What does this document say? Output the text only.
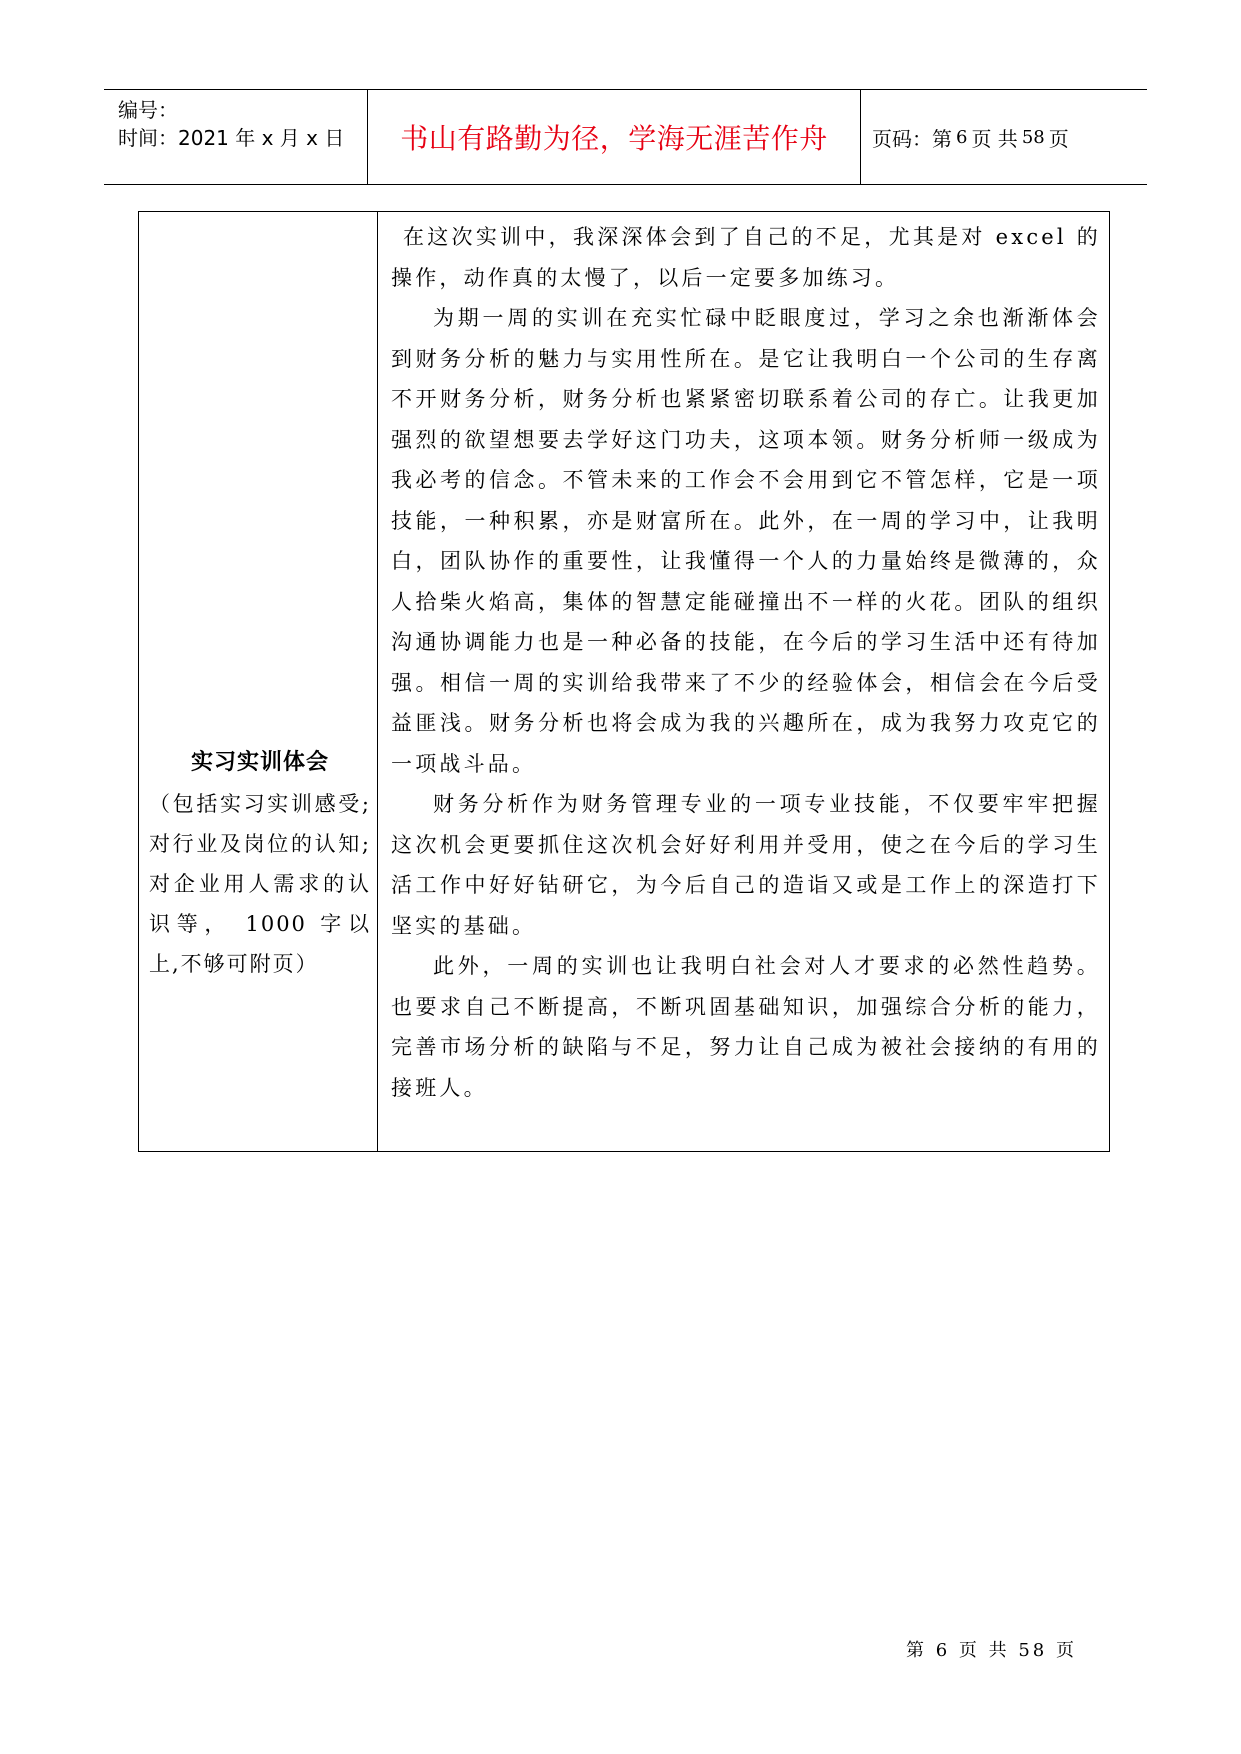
编号：
时间：2021 年 x 月 x 日	书山有路勤为径，学海无涯苦作舟	页码：第 6 页 共 58 页
实习实训体会
（包括实习实训感受; 对行业及岗位的认知; 对企业用人需求的认识等， 1000 字以上,不够可附页）

在这次实训中，我深深体会到了自己的不足，尤其是对 excel 的操作，动作真的太慢了，以后一定要多加练习。

为期一周的实训在充实忙碌中眨眼度过，学习之余也渐渐体会到财务分析的魅力与实用性所在。是它让我明白一个公司的生存离不开财务分析，财务分析也紧紧密切联系着公司的存亡。让我更加强烈的欲望想要去学好这门功夫，这项本领。财务分析师一级成为我必考的信念。不管未来的工作会不会用到它不管怎样，它是一项技能，一种积累，亦是财富所在。此外，在一周的学习中，让我明白，团队协作的重要性，让我懂得一个人的力量始终是微薄的，众人拾柴火焰高，集体的智慧定能碰撞出不一样的火花。团队的组织沟通协调能力也是一种必备的技能，在今后的学习生活中还有待加强。相信一周的实训给我带来了不少的经验体会，相信会在今后受益匪浅。财务分析也将会成为我的兴趣所在，成为我努力攻克它的一项战斗品。

财务分析作为财务管理专业的一项专业技能，不仅要牢牢把握这次机会更要抓住这次机会好好利用并受用，使之在今后的学习生活工作中好好钻研它，为今后自己的造诣又或是工作上的深造打下坚实的基础。

此外，一周的实训也让我明白社会对人才要求的必然性趋势。也要求自己不断提高，不断巩固基础知识，加强综合分析的能力，完善市场分析的缺陷与不足，努力让自己成为被社会接纳的有用的接班人。

第 6 页 共 58 页
